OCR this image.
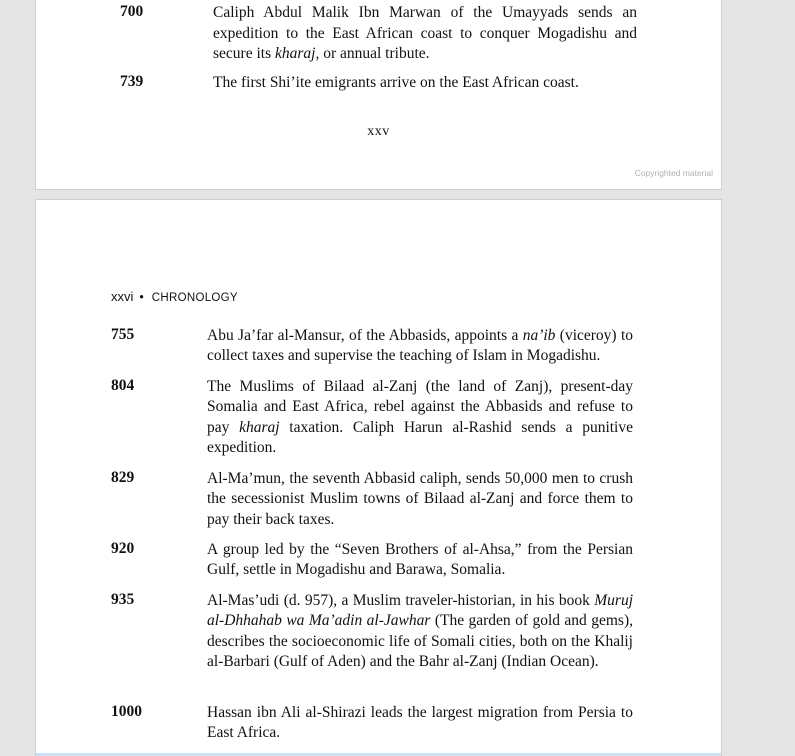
700	Caliph Abdul Malik Ibn Marwan of the Umayyads sends an expedition to the East African coast to conquer Mogadishu and secure its kharaj, or annual tribute.
739	The first Shi’ite emigrants arrive on the East African coast.
xxv
Copyrighted material
xxvi • CHRONOLOGY
755	Abu Ja’far al-Mansur, of the Abbasids, appoints a na’ib (viceroy) to collect taxes and supervise the teaching of Islam in Mogadishu.
804	The Muslims of Bilaad al-Zanj (the land of Zanj), present-day Somalia and East Africa, rebel against the Abbasids and refuse to pay kharaj taxation. Caliph Harun al-Rashid sends a punitive expedition.
829	Al-Ma’mun, the seventh Abbasid caliph, sends 50,000 men to crush the secessionist Muslim towns of Bilaad al-Zanj and force them to pay their back taxes.
920	A group led by the “Seven Brothers of al-Ahsa,” from the Persian Gulf, settle in Mogadishu and Barawa, Somalia.
935	Al-Mas’udi (d. 957), a Muslim traveler-historian, in his book Muruj al-Dhhahab wa Ma’adin al-Jawhar (The garden of gold and gems), describes the socioeconomic life of Somali cities, both on the Khalij al-Barbari (Gulf of Aden) and the Bahr al-Zanj (Indian Ocean).
1000	Hassan ibn Ali al-Shirazi leads the largest migration from Persia to East Africa.
